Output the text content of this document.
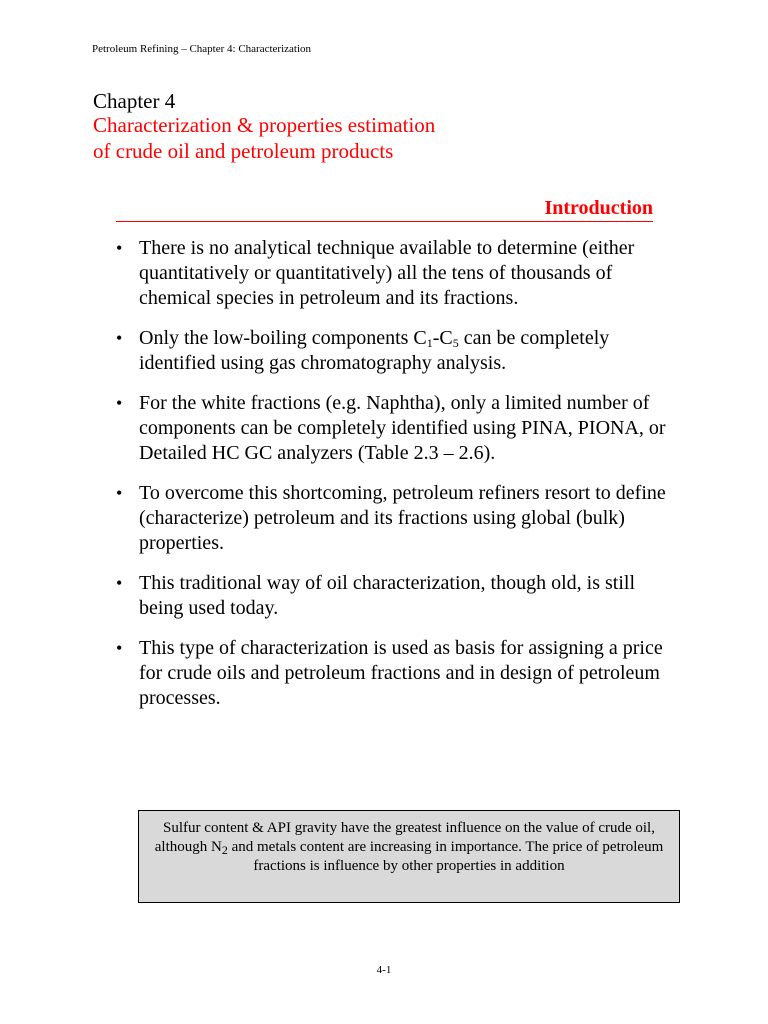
Petroleum Refining – Chapter 4: Characterization
Chapter 4
Characterization & properties estimation
of crude oil and petroleum products
Introduction
• There is no analytical technique available to determine (either quantitatively or quantitatively) all the tens of thousands of chemical species in petroleum and its fractions.
• Only the low-boiling components $C_1-C_5$ can be completely identified using gas chromatography analysis.
• For the white fractions (e.g. Naphtha), only a limited number of components can be completely identified using PINA, PIONA, or Detailed HC GC analyzers (Table 2.3 – 2.6).
• To overcome this shortcoming, petroleum refiners resort to define (characterize) petroleum and its fractions using global (bulk) properties.
• This traditional way of oil characterization, though old, is still being used today.
• This type of characterization is used as basis for assigning a price for crude oils and petroleum fractions and in design of petroleum processes.
Sulfur content & API gravity have the greatest influence on the value of crude oil, although $N_2$ and metals content are increasing in importance. The price of petroleum fractions is influence by other properties in addition
4-1
